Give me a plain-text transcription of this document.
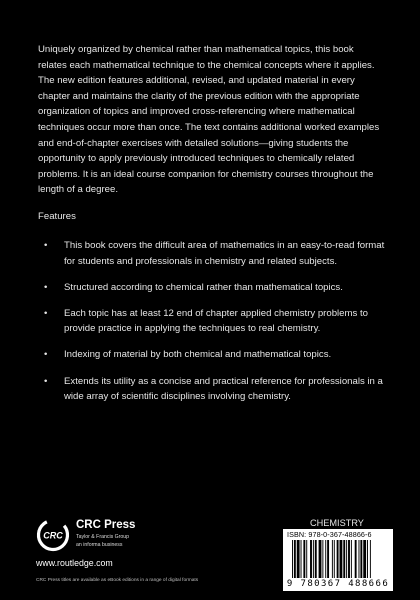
Uniquely organized by chemical rather than mathematical topics, this book relates each mathematical technique to the chemical concepts where it applies. The new edition features additional, revised, and updated material in every chapter and maintains the clarity of the previous edition with the appropriate organization of topics and improved cross-referencing where mathematical techniques occur more than once. The text contains additional worked examples and end-of-chapter exercises with detailed solutions—giving students the opportunity to apply previously introduced techniques to chemically related problems. It is an ideal course companion for chemistry courses throughout the length of a degree.

Features
• This book covers the difficult area of mathematics in an easy-to-read format for students and professionals in chemistry and related subjects.
• Structured according to chemical rather than mathematical topics.
• Each topic has at least 12 end of chapter applied chemistry problems to provide practice in applying the techniques to real chemistry.
• Indexing of material by both chemical and mathematical topics.
• Extends its utility as a concise and practical reference for professionals in a wide array of scientific disciplines involving chemistry.
CRC
CRC Press
Taylor & Francis Group
an informa business
www.routledge.com
CRC Press titles are available as eBook editions in a range of digital formats
CHEMISTRY
ISBN: 978-0-367-48866-6
9 780367 488666
